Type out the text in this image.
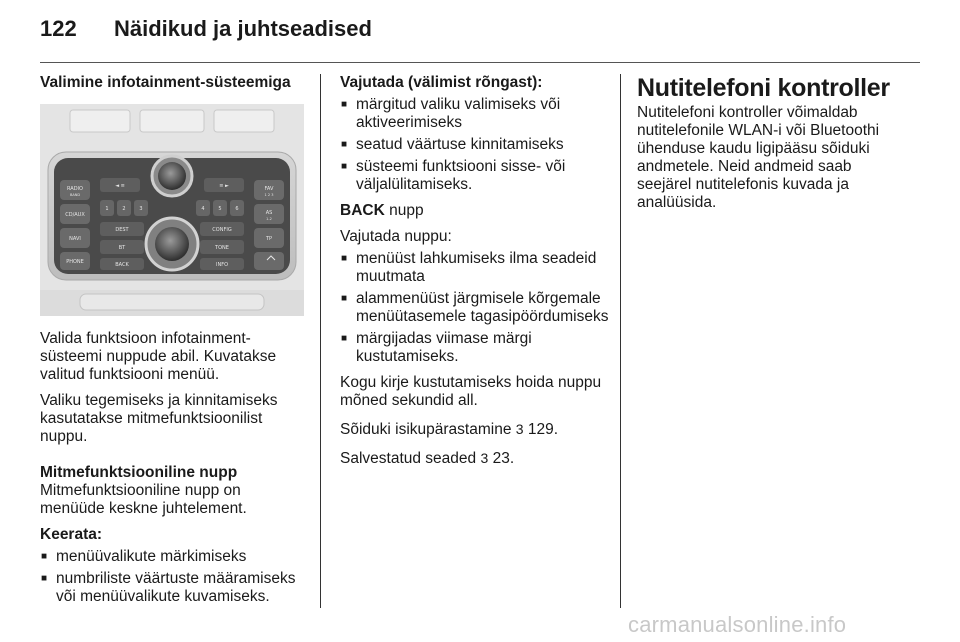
122	Näidikud ja juhtseadised
Valimine infotainment-süsteemiga
RADIO
BAND
CD/AUX
NAVI
PHONE
◄ ≡	≡ ►
1	2	3	4	5	6
DEST
BT
BACK
CONFIG
TONE
INFO
FAV
1 2 3
AS
1-2
TP

Valida funktsioon infotainment-süsteemi nuppude abil. Kuvatakse valitud funktsiooni menüü.

Valiku tegemiseks ja kinnitamiseks kasutatakse mitmefunktsioonilist nuppu.

Mitmefunktsiooniline nupp

Mitmefunktsiooniline nupp on menüüde keskne juhtelement.

Keerata:
■ menüüvalikute märkimiseks
■ numbriliste väärtuste määramiseks või menüüvalikute kuvamiseks.
Vajutada (välimist rõngast):
■ märgitud valiku valimiseks või aktiveerimiseks
■ seatud väärtuse kinnitamiseks
■ süsteemi funktsiooni sisse- või väljalülitamiseks.

BACK nupp

Vajutada nuppu:

■ menüüst lahkumiseks ilma seadeid muutmata
■ alammenüüst järgmisele kõrgemale menüütasemele tagasipöördumiseks
■ märgijadas viimase märgi kustutamiseks.

Kogu kirje kustutamiseks hoida nuppu mõned sekundid all.

Sõiduki isikupärastamine 3 129.

Salvestatud seaded 3 23.

Nutitelefoni kontroller

Nutitelefoni kontroller võimaldab nutitelefonile WLAN-i või Bluetoothi ühenduse kaudu ligipääsu sõiduki andmetele. Neid andmeid saab seejärel nutitelefonis kuvada ja analüüsida.

carmanualsonline.info
